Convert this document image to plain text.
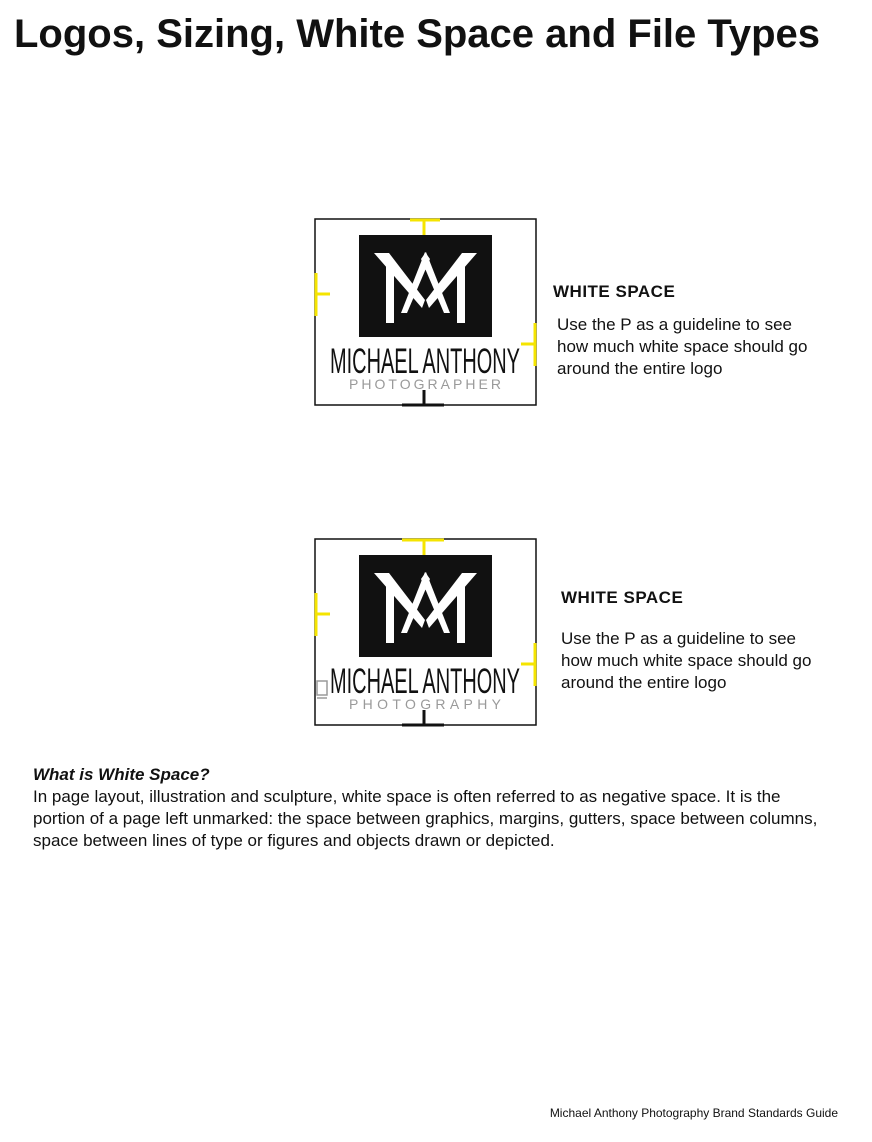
Logos, Sizing, White Space and File Types
MICHAEL ANTHONY
PHOTOGRAPHER
WHITE SPACE
Use the P as a guideline to see how much white space should go around the entire logo
MICHAEL ANTHONY
PHOTOGRAPHY
WHITE SPACE
Use the P as a guideline to see how much white space should go around the entire logo
What is White Space?
In page layout, illustration and sculpture, white space is often referred to as negative space. It is the portion of a page left unmarked: the space between graphics, margins, gutters, space between columns, space between lines of type or figures and objects drawn or depicted.
Michael Anthony Photography Brand Standards Guide
